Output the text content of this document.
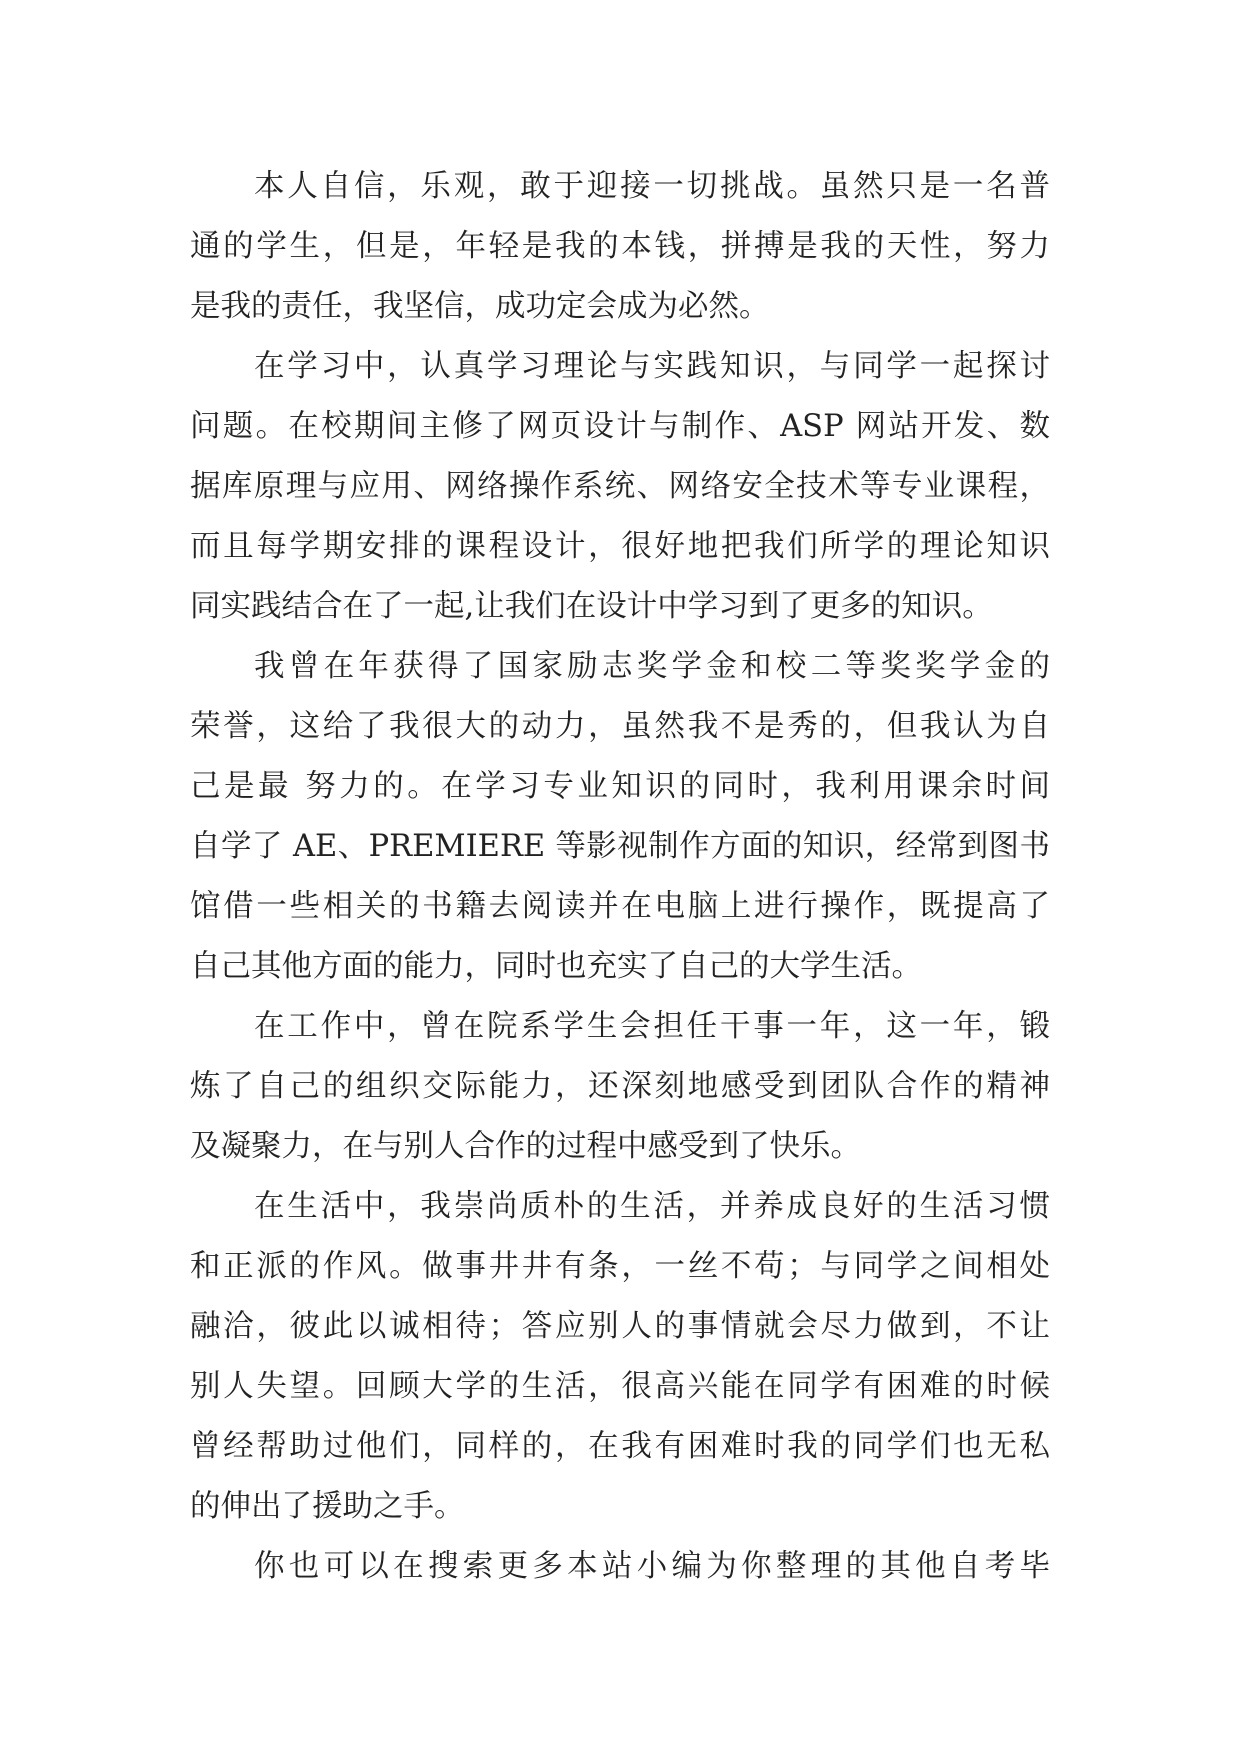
本人自信，乐观，敢于迎接一切挑战。虽然只是一名普
通的学生，但是，年轻是我的本钱，拼搏是我的天性，努力
是我的责任，我坚信，成功定会成为必然。
在学习中，认真学习理论与实践知识，与同学一起探讨
问题。在校期间主修了网页设计与制作、ASP 网站开发、数
据库原理与应用、网络操作系统、网络安全技术等专业课程，
而且每学期安排的课程设计，很好地把我们所学的理论知识
同实践结合在了一起,让我们在设计中学习到了更多的知识。
我曾在年获得了国家励志奖学金和校二等奖奖学金的
荣誉，这给了我很大的动力，虽然我不是秀的，但我认为自
己是最 努力的。在学习专业知识的同时，我利用课余时间
自学了 AE、PREMIERE 等影视制作方面的知识，经常到图书
馆借一些相关的书籍去阅读并在电脑上进行操作，既提高了
自己其他方面的能力，同时也充实了自己的大学生活。
在工作中，曾在院系学生会担任干事一年，这一年，锻
炼了自己的组织交际能力，还深刻地感受到团队合作的精神
及凝聚力，在与别人合作的过程中感受到了快乐。
在生活中，我崇尚质朴的生活，并养成良好的生活习惯
和正派的作风。做事井井有条，一丝不苟；与同学之间相处
融洽，彼此以诚相待；答应别人的事情就会尽力做到，不让
别人失望。回顾大学的生活，很高兴能在同学有困难的时候
曾经帮助过他们，同样的，在我有困难时我的同学们也无私
的伸出了援助之手。
你也可以在搜索更多本站小编为你整理的其他自考毕
